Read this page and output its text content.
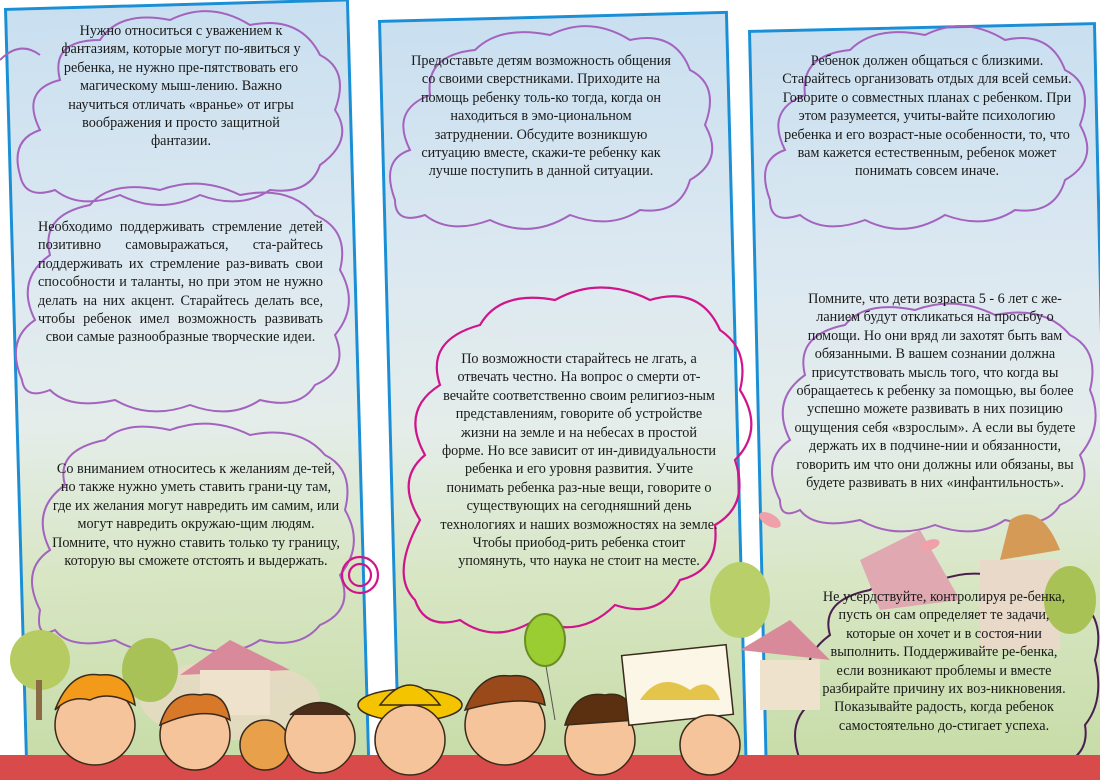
Нужно относиться с уважением к фантазиям, которые могут по-явиться у ребенка, не нужно пре-пятствовать его магическому мыш-лению. Важно научиться отличать «вранье» от игры воображения и просто защитной фантазии.

Необходимо поддерживать стремление детей позитивно самовыражаться, ста-райтесь поддерживать их стремление раз-вивать свои способности и таланты, но при этом не нужно делать на них акцент. Старайтесь делать все, чтобы ребенок имел возможность развивать свои самые разнообразные творческие идеи.

Со вниманием относитесь к желаниям де-тей, но также нужно уметь ставить грани-цу там, где их желания могут навредить им самим, или могут навредить окружаю-щим людям. Помните, что нужно ставить только ту границу, которую вы сможете отстоять и выдержать.

Предоставьте детям возможность общения со своими сверстниками. Приходите на помощь ребенку толь-ко тогда, когда он находиться в эмо-циональном затруднении. Обсудите возникшую ситуацию вместе, скажи-те ребенку как лучше поступить в данной ситуации.

По возможности старайтесь не лгать, а отвечать честно. На вопрос о смерти от-вечайте соответственно своим религиоз-ным представлениям, говорите об устройстве жизни на земле и на небесах в простой форме. Но все зависит от ин-дивидуальности ребенка и его уровня развития. Учите понимать ребенка раз-ные вещи, говорите о существующих на сегодняшний день технологиях и наших возможностях на земле. Чтобы приобод-рить ребенка стоит упомянуть, что наука не стоит на месте.

Ребенок должен общаться с близкими. Старайтесь организовать отдых для всей семьи. Говорите о совместных планах с ребенком. При этом разумеется, учиты-вайте психологию ребенка и его возраст-ные особенности, то, что вам кажется естественным, ребенок может понимать совсем иначе.

Помните, что дети возраста 5 - 6 лет с же-ланием будут откликаться на просьбу о помощи. Но они вряд ли захотят быть вам обязанными. В вашем сознании должна присутствовать мысль того, что когда вы обращаетесь к ребенку за помощью, вы более успешно можете развивать в них позицию ощущения себя «взрослым». А если вы будете держать их в подчине-нии и обязанности, говорить им что они должны или обязаны, вы будете развивать в них «инфантильность».

Не усердствуйте, контролируя ре-бенка, пусть он сам определяет те задачи, которые он хочет и в состоя-нии выполнить. Поддерживайте ре-бенка, если возникают проблемы и вместе разбирайте причину их воз-никновения. Показывайте радость, когда ребенок самостоятельно до-стигает успеха.
